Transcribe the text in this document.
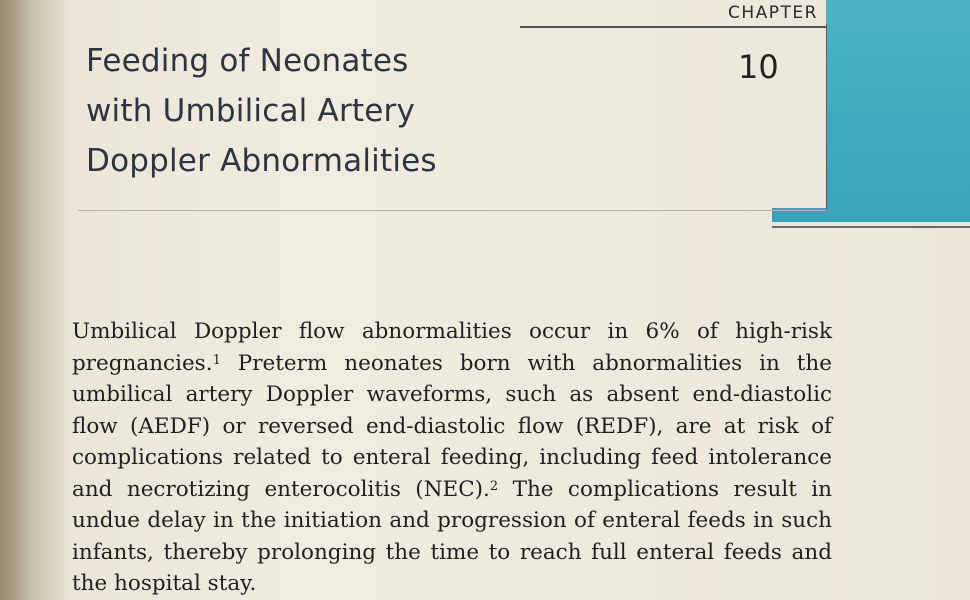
CHAPTER
10
Feeding of Neonates
with Umbilical Artery
Doppler Abnormalities

Umbilical Doppler flow abnormalities occur in 6% of high-risk pregnancies.$^1$ Preterm neonates born with abnormalities in the umbilical artery Doppler waveforms, such as absent end-diastolic flow (AEDF) or reversed end-diastolic flow (REDF), are at risk of complications related to enteral feeding, including feed intolerance and necrotizing enterocolitis (NEC).$^2$ The complications result in undue delay in the initiation and progression of enteral feeds in such infants, thereby prolonging the time to reach full enteral feeds and the hospital stay.
